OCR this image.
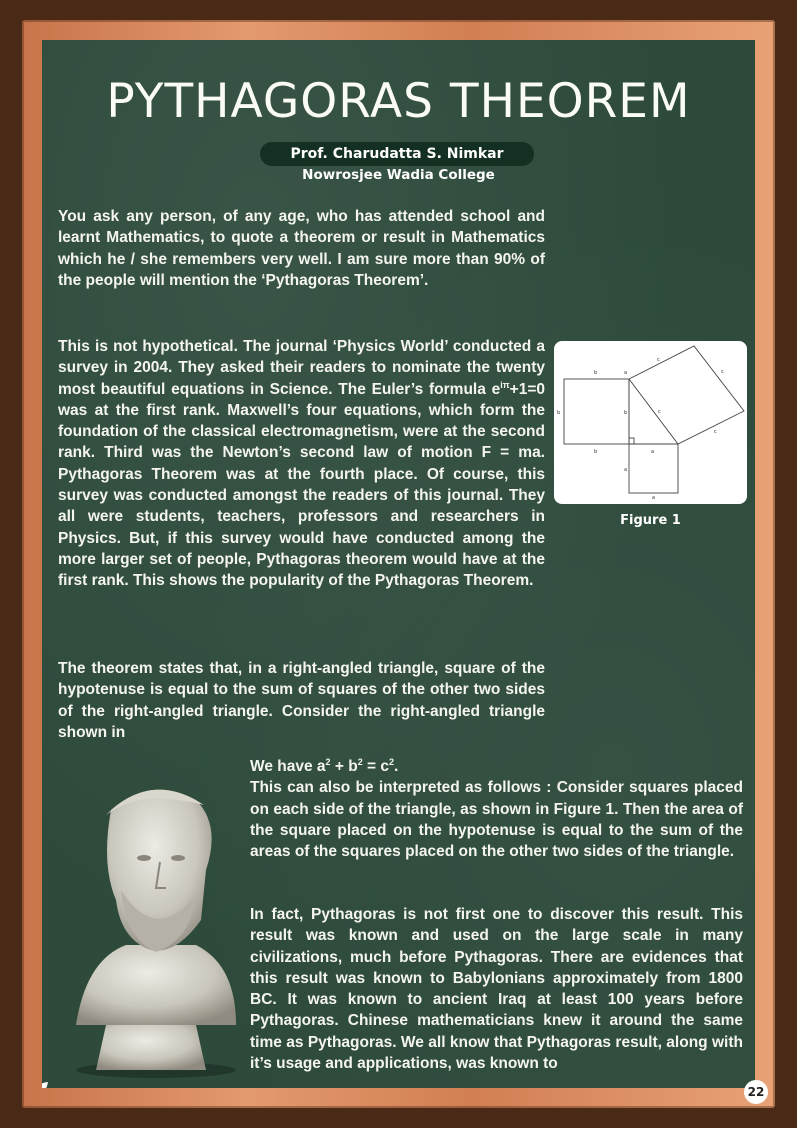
PYTHAGORAS THEOREM
Prof. Charudatta S. Nimkar
Nowrosjee Wadia College

You ask any person, of any age, who has attended school and learnt Mathematics, to quote a theorem or result in Mathematics which he / she remembers very well. I am sure more than 90% of the people will mention the ‘Pythagoras Theorem’.

This is not hypothetical. The journal ‘Physics World’ conducted a survey in 2004. They asked their readers to nominate the twenty most beautiful equations in Science. The Euler’s formula $e^{i\pi}+1=0$ was at the first rank. Maxwell’s four equations, which form the foundation of the classical electromagnetism, were at the second rank. Third was the Newton’s second law of motion F = ma. Pythagoras Theorem was at the fourth place. Of course, this survey was conducted amongst the readers of this journal. They all were students, teachers, professors and researchers in Physics. But, if this survey would have conducted among the more larger set of people, Pythagoras theorem would have at the first rank. This shows the popularity of the Pythagoras Theorem.

b
b	b
b
a
a
a
a
c
c
c
c
Figure 1

The theorem states that, in a right-angled triangle, square of the hypotenuse is equal to the sum of squares of the other two sides of the right-angled triangle. Consider the right-angled triangle shown in

We have $a^2 + b^2 = c^2$.
This can also be interpreted as follows : Consider squares placed on each side of the triangle, as shown in Figure 1. Then the area of the square placed on the hypotenuse is equal to the sum of the areas of the squares placed on the other two sides of the triangle.

In fact, Pythagoras is not first one to discover this result. This result was known and used on the large scale in many civilizations, much before Pythagoras. There are evidences that this result was known to Babylonians approximately from 1800 BC. It was known to ancient Iraq at least 100 years before Pythagoras. Chinese mathematicians knew it around the same time as Pythagoras. We all know that Pythagoras result, along with it’s usage and applications, was known to

22
